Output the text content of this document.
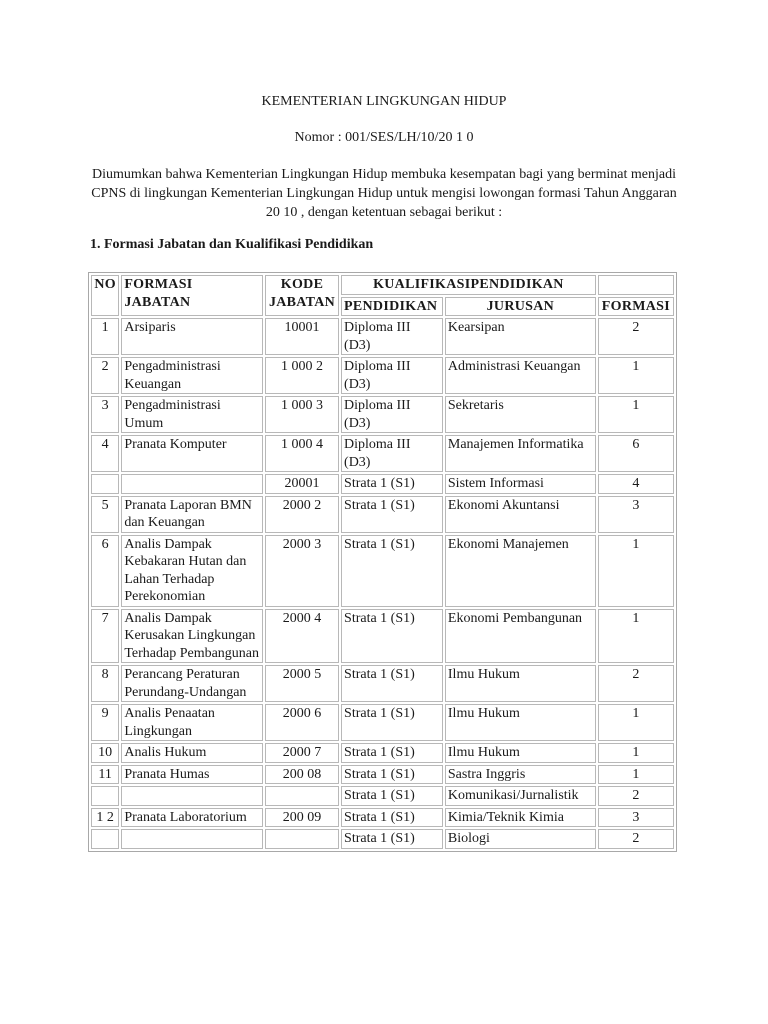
KEMENTERIAN LINGKUNGAN HIDUP
Nomor : 001/SES/LH/10/20 1 0
Diumumkan bahwa Kementerian Lingkungan Hidup membuka kesempatan bagi yang berminat menjadi CPNS di lingkungan Kementerian Lingkungan Hidup untuk mengisi lowongan formasi Tahun Anggaran 20 10 , dengan ketentuan sebagai berikut :
1. Formasi Jabatan dan Kualifikasi Pendidikan
NO	FORMASI JABATAN	KODE JABATAN	KUALIFIKASIPENDIDIKAN		
			PENDIDIKAN	JURUSAN	FORMASI
1	Arsiparis	10001	Diploma III (D3)	Kearsipan	2
2	Pengadministrasi Keuangan	1 000 2	Diploma III (D3)	Administrasi Keuangan	1
3	Pengadministrasi Umum	1 000 3	Diploma III (D3)	Sekretaris	1
4	Pranata Komputer	1 000 4	Diploma III (D3)	Manajemen Informatika	6
		20001	Strata 1 (S1)	Sistem Informasi	4
5	Pranata Laporan BMN dan Keuangan	2000 2	Strata 1 (S1)	Ekonomi Akuntansi	3
6	Analis Dampak Kebakaran Hutan dan Lahan Terhadap Perekonomian	2000 3	Strata 1 (S1)	Ekonomi Manajemen	1
7	Analis Dampak Kerusakan Lingkungan Terhadap Pembangunan	2000 4	Strata 1 (S1)	Ekonomi Pembangunan	1
8	Perancang Peraturan Perundang-Undangan	2000 5	Strata 1 (S1)	Ilmu Hukum	2
9	Analis Penaatan Lingkungan	2000 6	Strata 1 (S1)	Ilmu Hukum	1
10	Analis Hukum	2000 7	Strata 1 (S1)	Ilmu Hukum	1
11	Pranata Humas	200 08	Strata 1 (S1)	Sastra Inggris	1
			Strata 1 (S1)	Komunikasi/Jurnalistik	2
1 2	Pranata Laboratorium	200 09	Strata 1 (S1)	Kimia/Teknik Kimia	3
			Strata 1 (S1)	Biologi	2
